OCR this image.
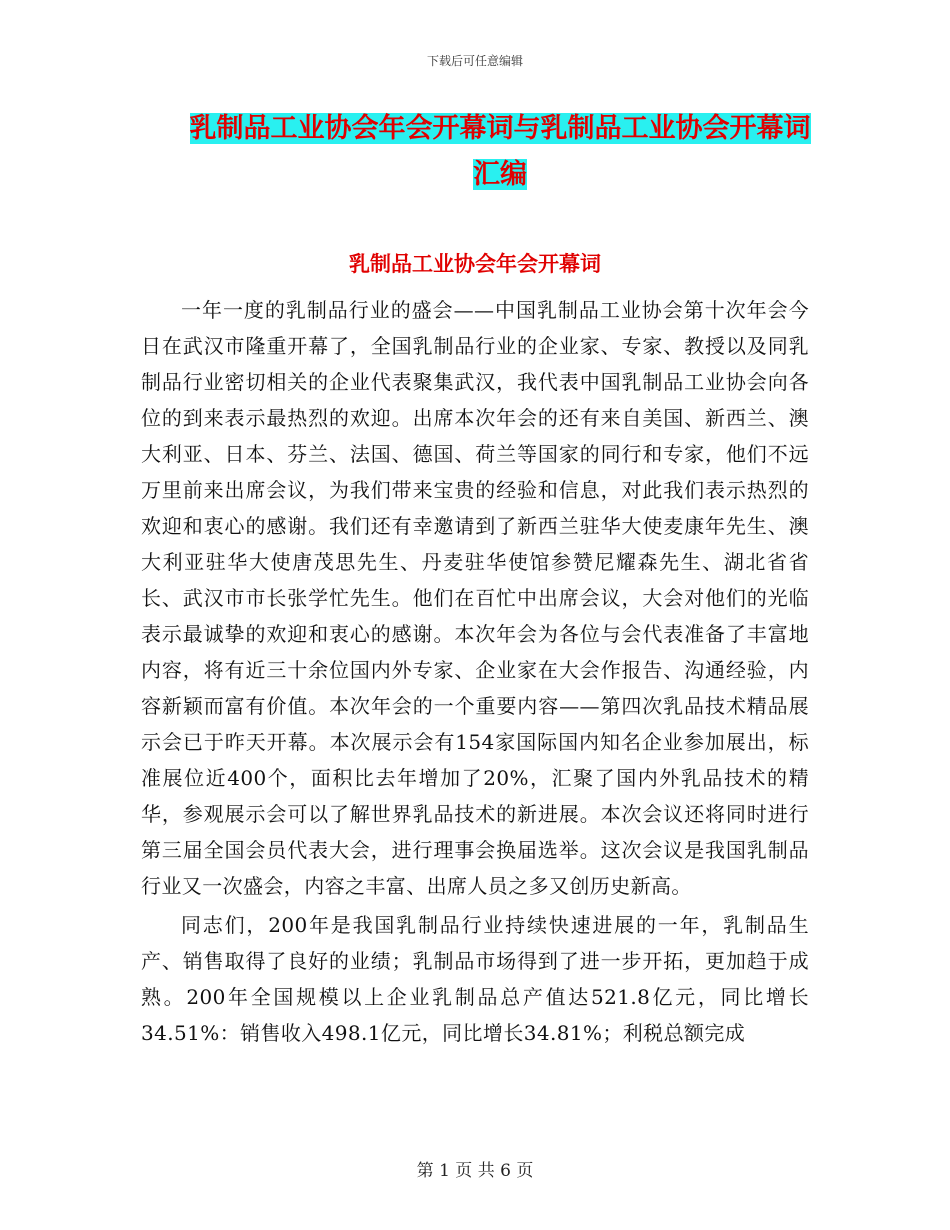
下载后可任意编辑
乳制品工业协会年会开幕词与乳制品工业协会开幕词
汇编
乳制品工业协会年会开幕词

一年一度的乳制品行业的盛会——中国乳制品工业协会第十次年会今日在武汉市隆重开幕了，全国乳制品行业的企业家、专家、教授以及同乳制品行业密切相关的企业代表聚集武汉，我代表中国乳制品工业协会向各位的到来表示最热烈的欢迎。出席本次年会的还有来自美国、新西兰、澳大利亚、日本、芬兰、法国、德国、荷兰等国家的同行和专家，他们不远万里前来出席会议，为我们带来宝贵的经验和信息，对此我们表示热烈的欢迎和衷心的感谢。我们还有幸邀请到了新西兰驻华大使麦康年先生、澳大利亚驻华大使唐茂思先生、丹麦驻华使馆参赞尼耀森先生、湖北省省长、武汉市市长张学忙先生。他们在百忙中出席会议，大会对他们的光临表示最诚挚的欢迎和衷心的感谢。本次年会为各位与会代表准备了丰富地内容，将有近三十余位国内外专家、企业家在大会作报告、沟通经验，内容新颖而富有价值。本次年会的一个重要内容——第四次乳品技术精品展示会已于昨天开幕。本次展示会有154家国际国内知名企业参加展出，标准展位近400个，面积比去年增加了20%，汇聚了国内外乳品技术的精华，参观展示会可以了解世界乳品技术的新进展。本次会议还将同时进行第三届全国会员代表大会，进行理事会换届选举。这次会议是我国乳制品行业又一次盛会，内容之丰富、出席人员之多又创历史新高。

同志们，200年是我国乳制品行业持续快速进展的一年，乳制品生产、销售取得了良好的业绩；乳制品市场得到了进一步开拓，更加趋于成熟。200年全国规模以上企业乳制品总产值达521.8亿元，同比增长34.51%：销售收入498.1亿元，同比增长34.81%；利税总额完成

第 1 页 共 6 页
